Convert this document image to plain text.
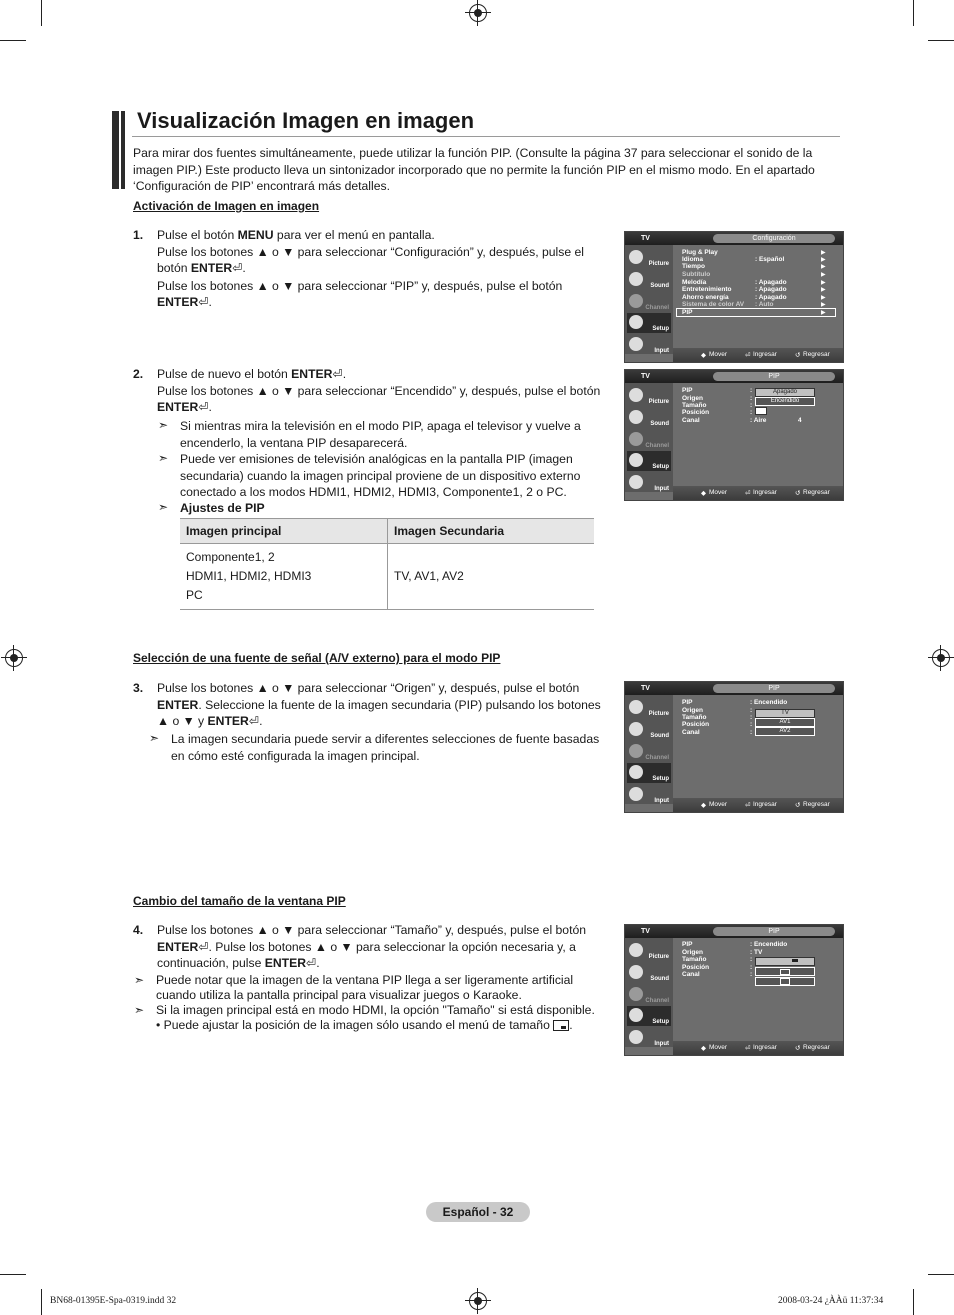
Visualización Imagen en imagen
Para mirar dos fuentes simultáneamente, puede utilizar la función PIP. (Consulte la página 37 para seleccionar el sonido de la imagen PIP.) Este producto lleva un sintonizador incorporado que no permite la función PIP en el mismo modo. En el apartado ‘Configuración de PIP’ encontrará más detalles.
Activación de Imagen en imagen
1. Pulse el botón MENU para ver el menú en pantalla.
Pulse los botones ▲ o ▼ para seleccionar “Configuración” y, después, pulse el
botón ENTER⏎.
Pulse los botones ▲ o ▼ para seleccionar “PIP” y, después, pulse el botón
ENTER⏎.
2. Pulse de nuevo el botón ENTER⏎.
Pulse los botones ▲ o ▼ para seleccionar “Encendido” y, después, pulse el botón
ENTER⏎.
➣ Si mientras mira la televisión en el modo PIP, apaga el televisor y vuelve a encenderlo, la ventana PIP desaparecerá.
➣ Puede ver emisiones de televisión analógicas en la pantalla PIP (imagen secundaria) cuando la imagen principal proviene de un dispositivo externo conectado a los modos HDMI1, HDMI2, HDMI3, Componente1, 2 o PC.
➣ Ajustes de PIP
Imagen principal	Imagen Secundaria

Componente1, 2
HDMI1, HDMI2, HDMI3
PC	TV, AV1, AV2
Selección de una fuente de señal (A/V externo) para el modo PIP
3. Pulse los botones ▲ o ▼ para seleccionar “Origen” y, después, pulse el botón
ENTER. Seleccione la fuente de la imagen secundaria (PIP) pulsando los botones
▲ o ▼ y ENTER⏎.
➣ La imagen secundaria puede servir a diferentes selecciones de fuente basadas en cómo esté configurada la imagen principal.
Cambio del tamaño de la ventana PIP
4. Pulse los botones ▲ o ▼ para seleccionar “Tamaño” y, después, pulse el botón
ENTER⏎. Pulse los botones ▲ o ▼ para seleccionar la opción necesaria y, a
continuación, pulse ENTER⏎.
➣ Puede notar que la imagen de la ventana PIP llega a ser ligeramente artificial cuando utiliza la pantalla principal para visualizar juegos o Karaoke.
➣ Si la imagen principal está en modo HDMI, la opción "Tamaño" si está disponible.
• Puede ajustar la posición de la imagen sólo usando el menú de tamaño .
TV	Configuración
Picture
Sound
Channel
Setup
Input
Plug & Play	▶
Idioma	: Español	▶
Tiempo	▶
Subtítulo	▶
Melodía	: Apagado	▶
Entretenimiento	: Apagado	▶
Ahorro energía	: Apagado	▶
Sistema de color AV : Auto	▶
PIP	▶
◆ Mover	⏎ Ingresar	↺ Regresar
TV	PIP
Picture
Sound
Channel
Setup
Input
PIP	:	Apagado
Origen	:	Encendido
Tamaño	:
Posición	:
Canal	: Aire	4
◆ Mover	⏎ Ingresar	↺ Regresar
TV	PIP
Picture
Sound
Channel
Setup
Input
PIP	: Encendido
Origen	:	TV
Tamaño	:
AV1
Posición	:
AV2
Canal	:
◆ Mover	⏎ Ingresar	↺ Regresar
TV	PIP
Picture
Sound
Channel
Setup
Input
PIP	: Encendido
Origen	: TV
Tamaño	:
Posición	:
Canal	:
◆ Mover	⏎ Ingresar	↺ Regresar
Español - 32
BN68-01395E-Spa-0319.indd 32	2008-03-24 ¿ÀÀü 11:37:34
